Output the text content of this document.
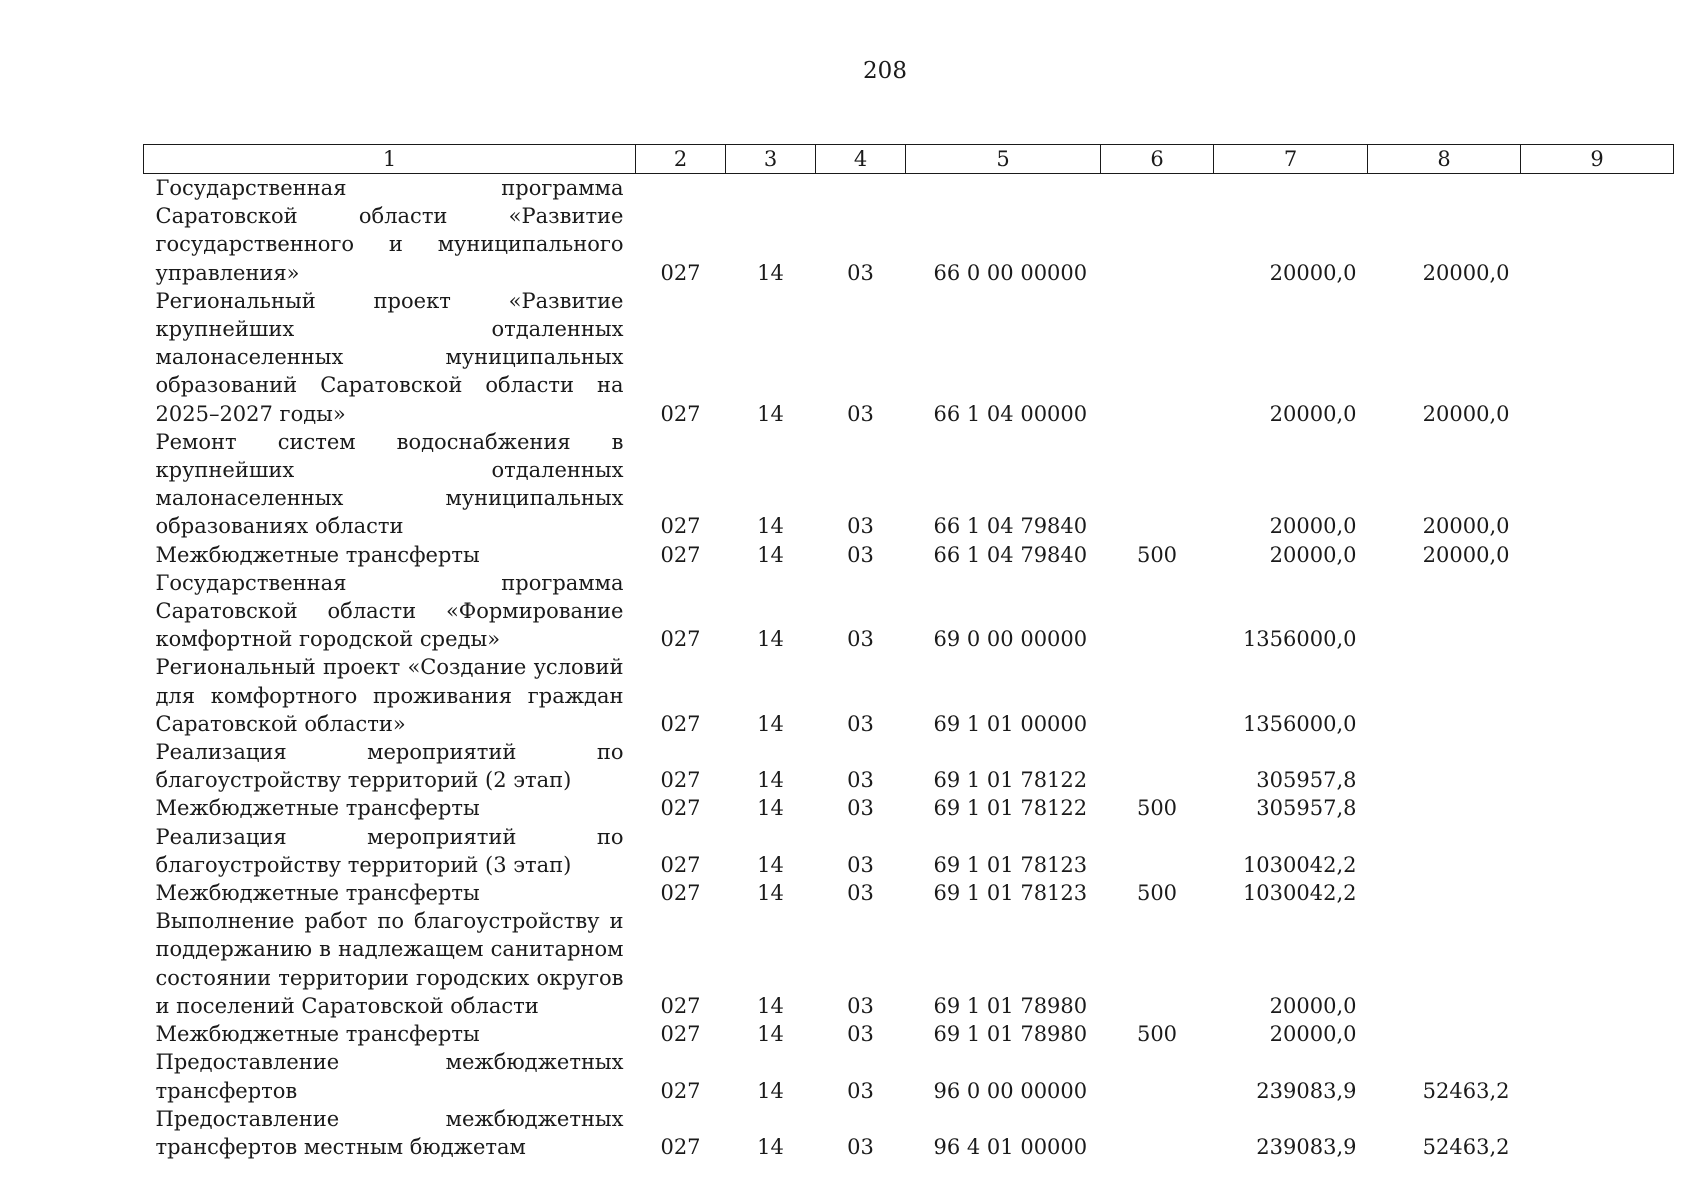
208
1	2	3	4	5	6	7	8	9
Государственная программа Саратовской области «Развитие государственного и муниципального управления»	027	14	03	66 0 00 00000		20000,0	20000,0	
Региональный проект «Развитие крупнейших отдаленных малонаселенных муниципальных образований Саратовской области на 2025–2027 годы»	027	14	03	66 1 04 00000		20000,0	20000,0	
Ремонт систем водоснабжения в крупнейших отдаленных малонаселенных муниципальных образованиях области	027	14	03	66 1 04 79840		20000,0	20000,0	
Межбюджетные трансферты	027	14	03	66 1 04 79840	500	20000,0	20000,0	
Государственная программа Саратовской области «Формирование комфортной городской среды»	027	14	03	69 0 00 00000		1356000,0		
Региональный проект «Создание условий для комфортного проживания граждан Саратовской области»	027	14	03	69 1 01 00000		1356000,0		
Реализация мероприятий по благоустройству территорий (2 этап)	027	14	03	69 1 01 78122		305957,8		
Межбюджетные трансферты	027	14	03	69 1 01 78122	500	305957,8		
Реализация мероприятий по благоустройству территорий (3 этап)	027	14	03	69 1 01 78123		1030042,2		
Межбюджетные трансферты	027	14	03	69 1 01 78123	500	1030042,2		
Выполнение работ по благоустройству и поддержанию в надлежащем санитарном состоянии территории городских округов и поселений Саратовской области	027	14	03	69 1 01 78980		20000,0		
Межбюджетные трансферты	027	14	03	69 1 01 78980	500	20000,0		
Предоставление межбюджетных трансфертов	027	14	03	96 0 00 00000		239083,9	52463,2	
Предоставление межбюджетных трансфертов местным бюджетам	027	14	03	96 4 01 00000		239083,9	52463,2	
